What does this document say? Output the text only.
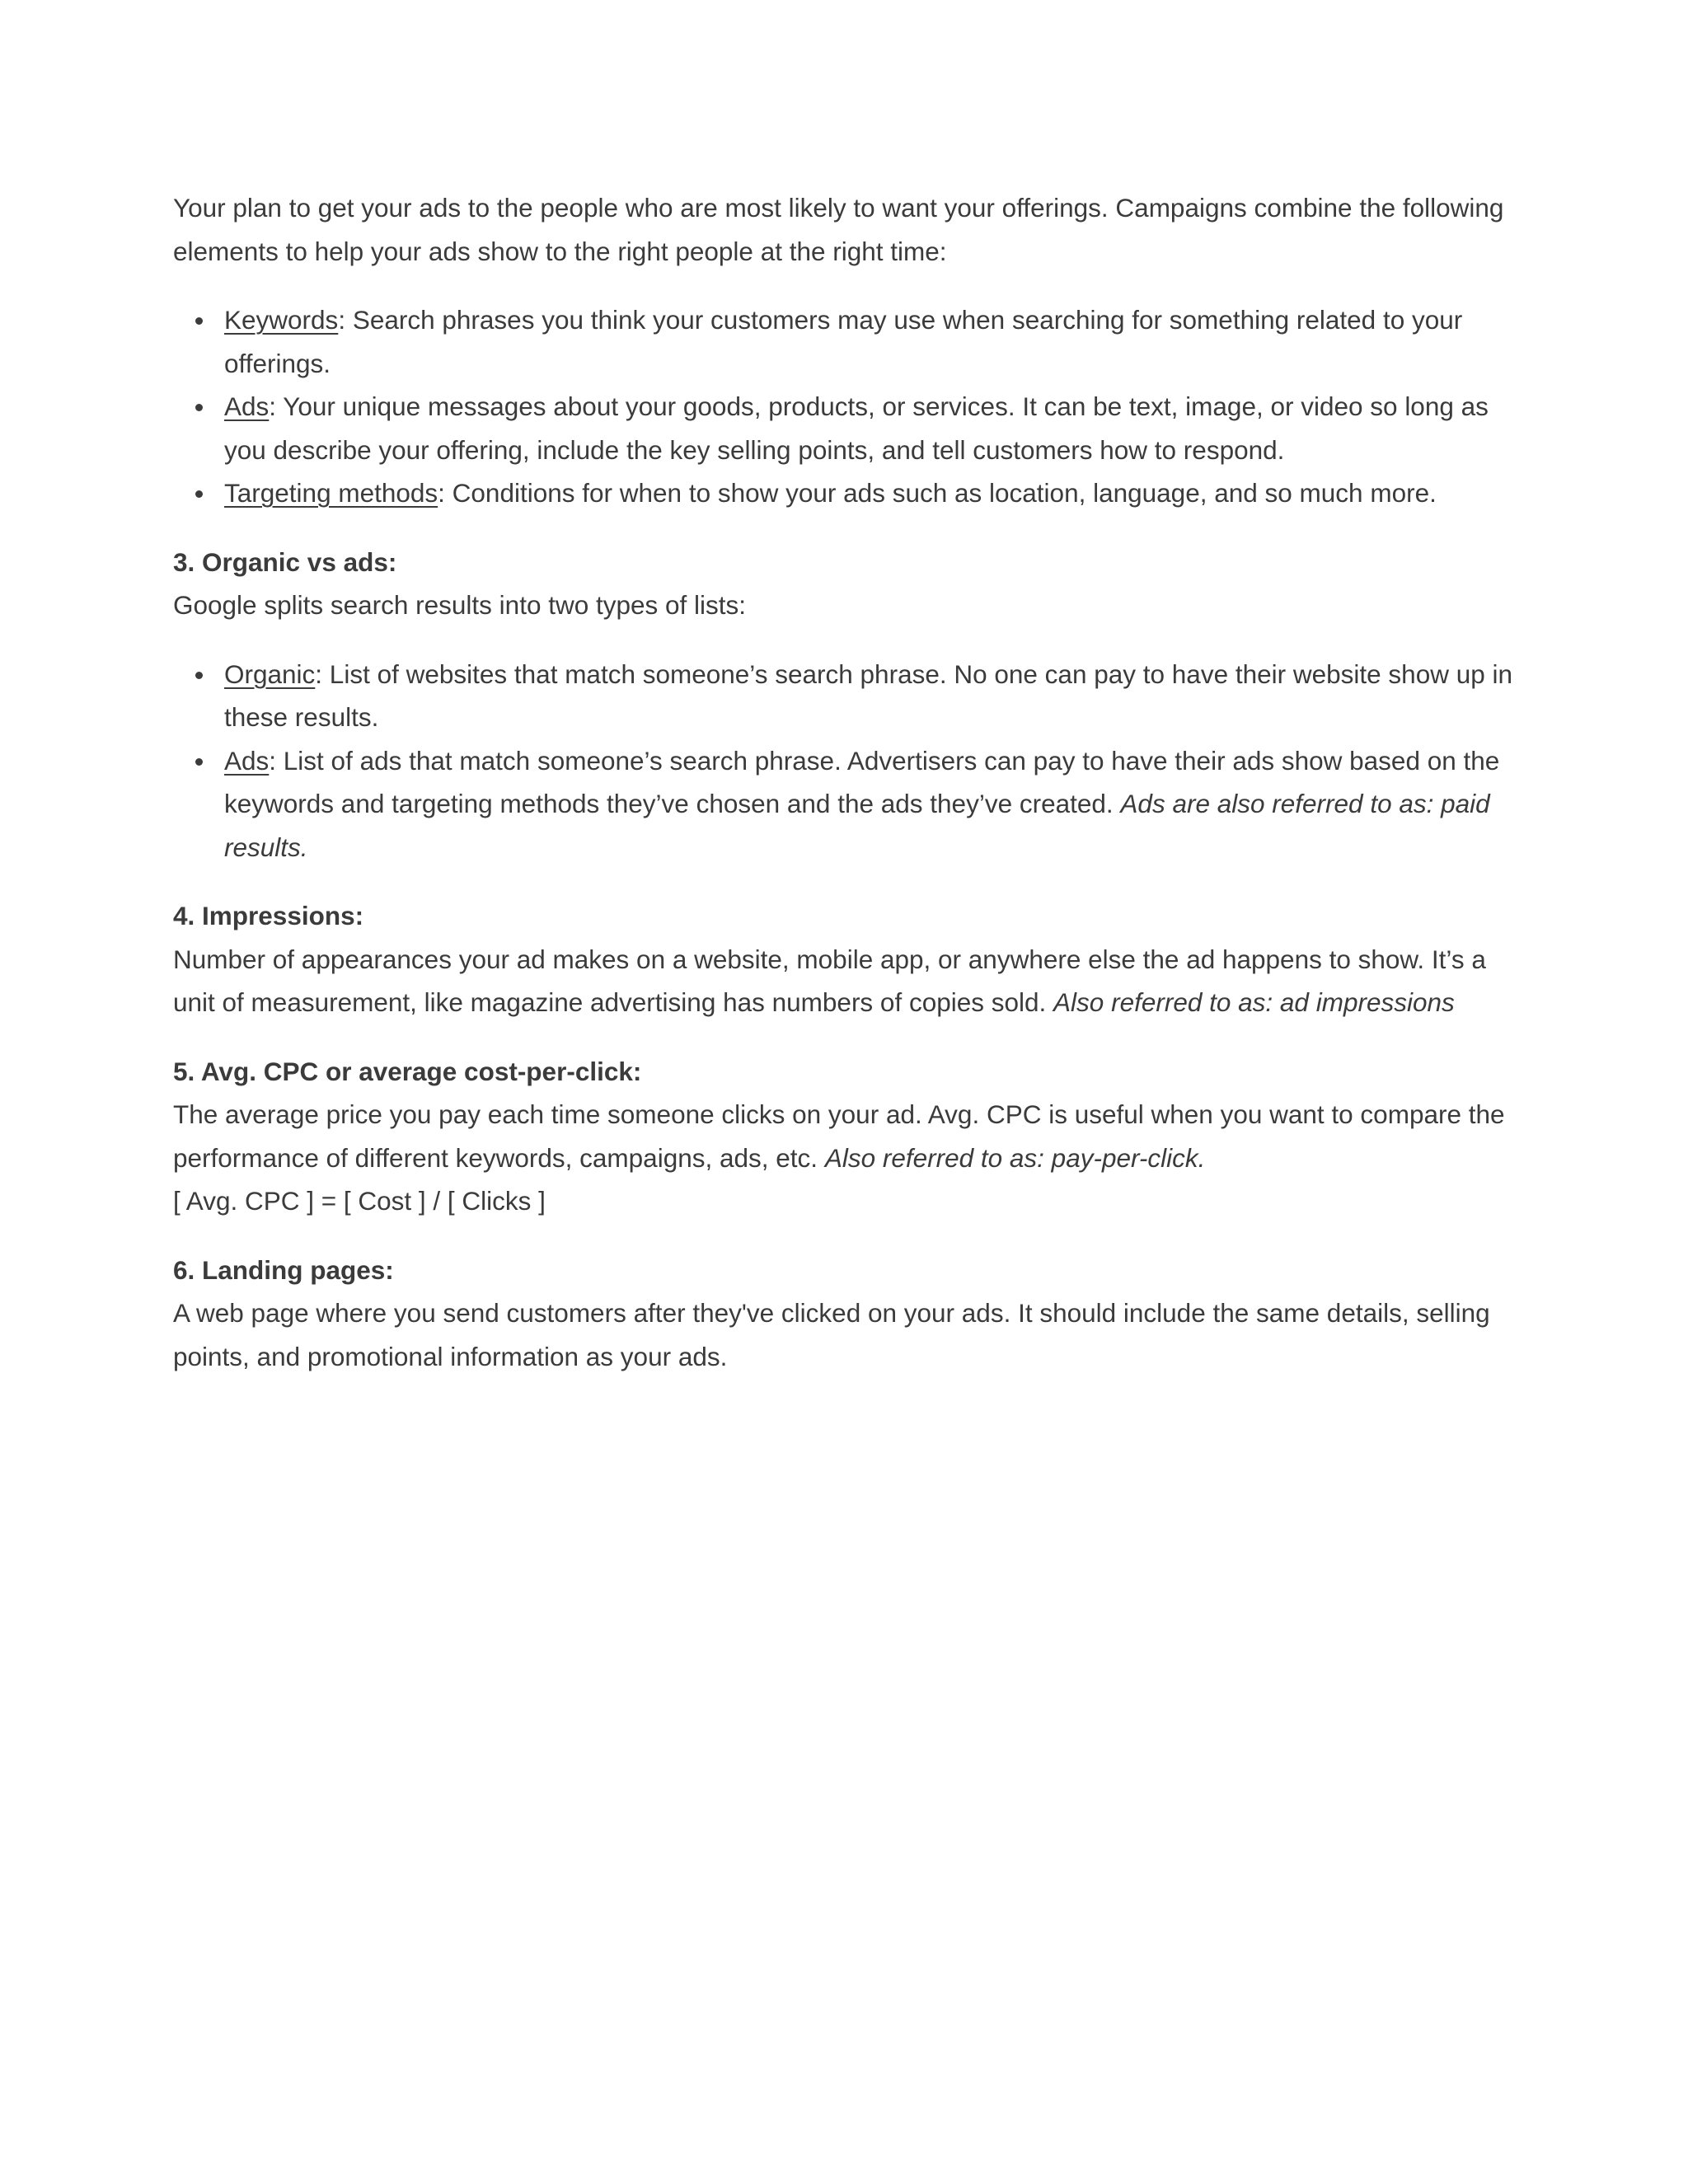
Your plan to get your ads to the people who are most likely to want your offerings. Campaigns combine the following elements to help your ads show to the right people at the right time:

Keywords: Search phrases you think your customers may use when searching for something related to your offerings.
Ads: Your unique messages about your goods, products, or services. It can be text, image, or video so long as you describe your offering, include the key selling points, and tell customers how to respond.
Targeting methods: Conditions for when to show your ads such as location, language, and so much more.

3. Organic vs ads:

Google splits search results into two types of lists:

Organic: List of websites that match someone’s search phrase. No one can pay to have their website show up in these results.
Ads: List of ads that match someone’s search phrase. Advertisers can pay to have their ads show based on the keywords and targeting methods they’ve chosen and the ads they’ve created. Ads are also referred to as: paid results.

4. Impressions:

Number of appearances your ad makes on a website, mobile app, or anywhere else the ad happens to show. It’s a unit of measurement, like magazine advertising has numbers of copies sold. Also referred to as: ad impressions

5. Avg. CPC or average cost-per-click:

The average price you pay each time someone clicks on your ad. Avg. CPC is useful when you want to compare the performance of different keywords, campaigns, ads, etc. Also referred to as: pay-per-click.

[ Avg. CPC ] = [ Cost ] / [ Clicks ]

6. Landing pages:

A web page where you send customers after they've clicked on your ads. It should include the same details, selling points, and promotional information as your ads.
